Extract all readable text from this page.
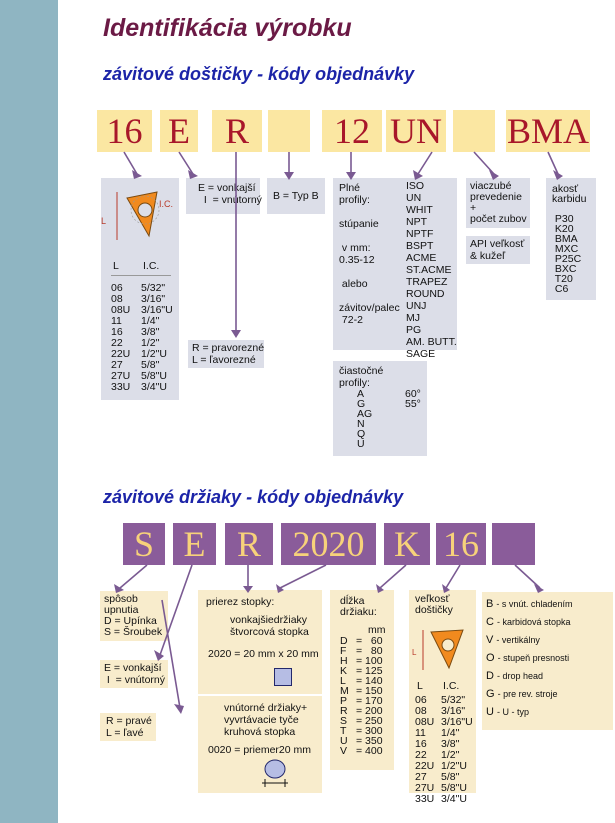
Identifikácia výrobku
závitové doštičky - kódy objednávky
16 E R	12 UN BMA
L
I.C.
L I.C.
06 5/32"
08 3/16"
08U 3/16"U
11 1/4"
16 3/8"
22 1/2"
22U 1/2"U
27 5/8"
27U 5/8"U
33U 3/4"U
E = vonkajší
I  = vnútorný
R = pravorezné
L = ľavorezné
B = Typ B
Plné
profily:

stúpanie

v mm:
0.35-12

alebo

závitov/palec
72-2
ISO
UN
WHIT
NPT
NPTF
BSPT
ACME
ST.ACME
TRAPEZ
ROUND
UNJ
MJ
PG
AM. BUTT.
SAGE

čiastočné
profily:
A
G
AG
N
Q
U
60°
55°
viaczubé
prevedenie
+
počet zubov
API veľkosť
& kužeľ
akosť
karbidu

P30
K20
BMA
MXC
P25C
BXC
T20
C6
závitové držiaky - kódy objednávky
S E R 2020 K 16
spôsob
upnutia
D = Upínka
S = Šroubek
E = vonkajší
I  = vnútorný
R = pravé
L = ľavé
prierez stopky:
vonkajšiedržiaky
štvorcová stopka
2020 = 20 mm x 20 mm
vnútorné držiaky+
vyvrtávacie tyče
kruhová stopka
0020 = priemer20 mm
dĺžka
držiaku:
mm
D
F
H
K
L
M
P
R
S
T
U
V
=   60
=   80
= 100
= 125
= 140
= 150
= 170
= 200
= 250
= 300
= 350
= 400
veľkosť
doštičky
L
L I.C.
06 5/32"
08 3/16"
08U 3/16"U
11 1/4"
16 3/8"
22 1/2"
22U 1/2"U
27 5/8"
27U 5/8"U
33U 3/4"U
B - s vnút. chladením
C - karbidová stopka
V - vertikálny
O - stupeň presnosti
D - drop head
G - pre rev. stroje
U - U - typ
